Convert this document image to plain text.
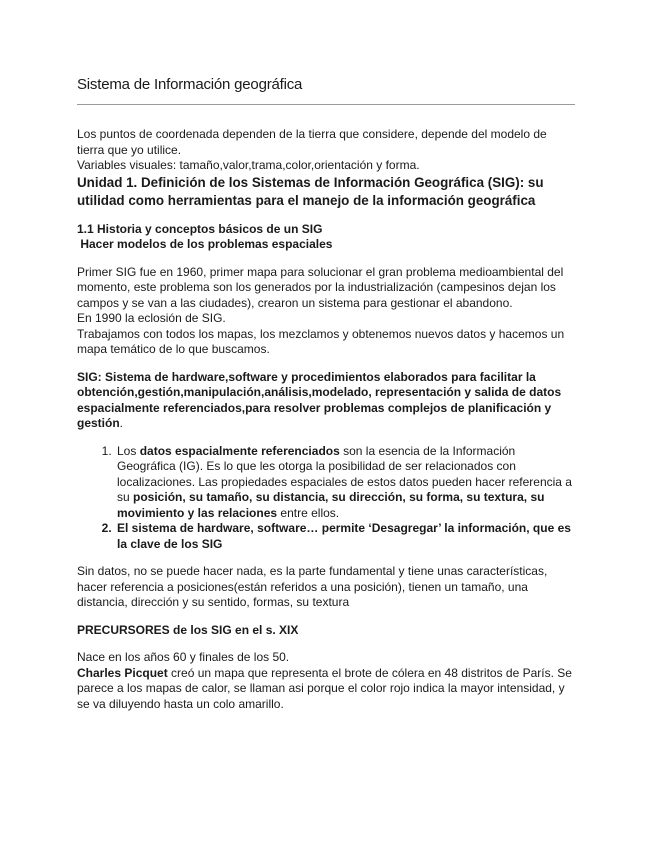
Sistema de Información geográfica

Los puntos de coordenada dependen de la tierra que considere, depende del modelo de tierra que yo utilice.

Variables visuales: tamaño,valor,trama,color,orientación y forma.

Unidad 1. Definición de los Sistemas de Información Geográfica (SIG): su utilidad como herramientas para el manejo de la información geográfica

1.1 Historia y conceptos básicos de un SIG

Hacer modelos de los problemas espaciales

Primer SIG fue en 1960, primer mapa para solucionar el gran problema medioambiental del momento, este problema son los generados por la industrialización (campesinos dejan los campos y se van a las ciudades), crearon un sistema para gestionar el abandono.

En 1990 la eclosión de SIG.

Trabajamos con todos los mapas, los mezclamos y obtenemos nuevos datos y hacemos un mapa temático de lo que buscamos.

SIG: Sistema de hardware,software y procedimientos elaborados para facilitar la obtención,gestión,manipulación,análisis,modelado, representación y salida de datos espacialmente referenciados,para resolver problemas complejos de planificación y gestión.

1. Los datos espacialmente referenciados son la esencia de la Información Geográfica (IG). Es lo que les otorga la posibilidad de ser relacionados con localizaciones. Las propiedades espaciales de estos datos pueden hacer referencia a su posición, su tamaño, su distancia, su dirección, su forma, su textura, su movimiento y las relaciones entre ellos.
2. El sistema de hardware, software… permite ‘Desagregar’ la información, que es la clave de los SIG

Sin datos, no se puede hacer nada, es la parte fundamental y tiene unas características, hacer referencia a posiciones(están referidos a una posición), tienen un tamaño, una distancia, dirección y su sentido, formas, su textura

PRECURSORES de los SIG en el s. XIX

Nace en los años 60 y finales de los 50.

Charles Picquet creó un mapa que representa el brote de cólera en 48 distritos de París. Se parece a los mapas de calor, se llaman asi porque el color rojo indica la mayor intensidad, y se va diluyendo hasta un colo amarillo.
